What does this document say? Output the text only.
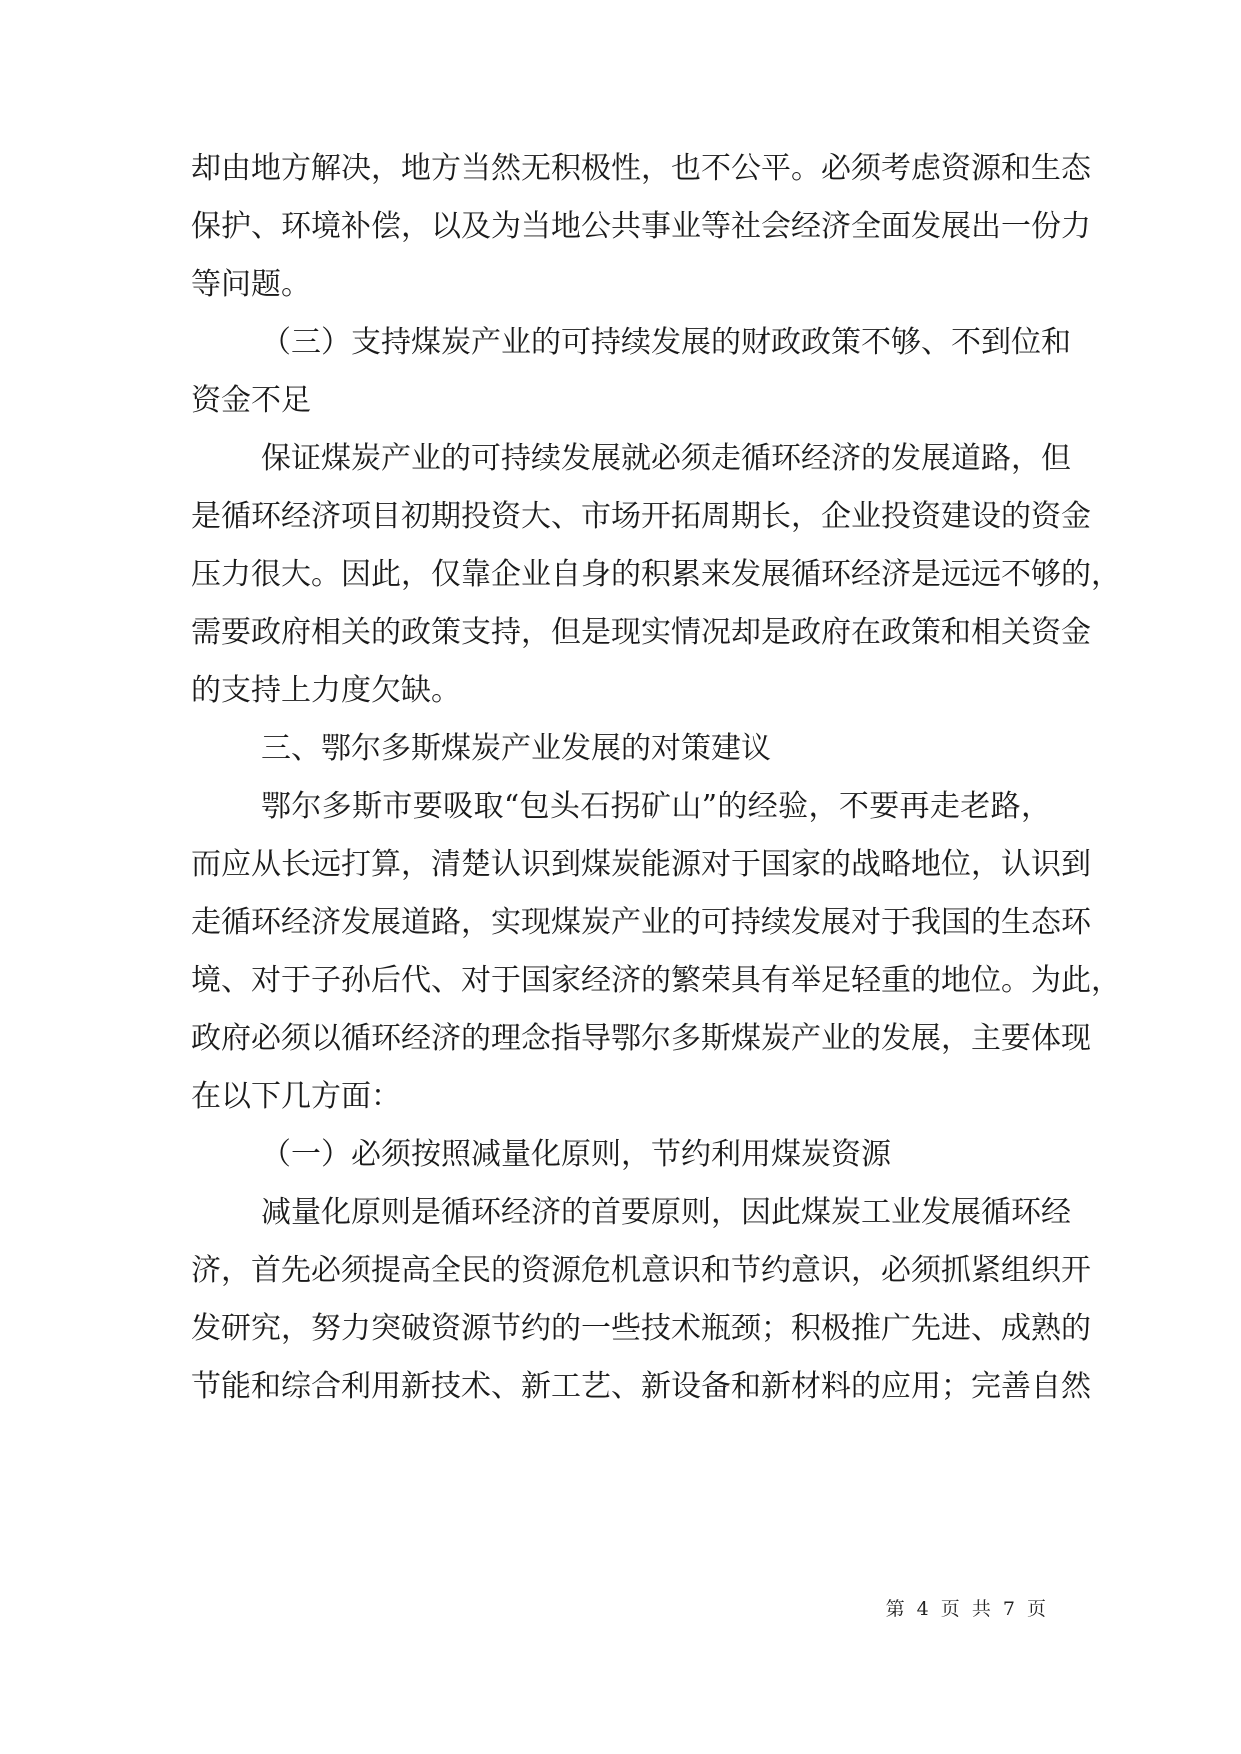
却由地方解决，地方当然无积极性，也不公平。必须考虑资源和生态
保护、环境补偿，以及为当地公共事业等社会经济全面发展出一份力
等问题。
（三）支持煤炭产业的可持续发展的财政政策不够、不到位和
资金不足
保证煤炭产业的可持续发展就必须走循环经济的发展道路，但
是循环经济项目初期投资大、市场开拓周期长，企业投资建设的资金
压力很大。因此，仅靠企业自身的积累来发展循环经济是远远不够的，
需要政府相关的政策支持，但是现实情况却是政府在政策和相关资金
的支持上力度欠缺。
三、鄂尔多斯煤炭产业发展的对策建议
鄂尔多斯市要吸取“包头石拐矿山”的经验，不要再走老路，
而应从长远打算，清楚认识到煤炭能源对于国家的战略地位，认识到
走循环经济发展道路，实现煤炭产业的可持续发展对于我国的生态环
境、对于子孙后代、对于国家经济的繁荣具有举足轻重的地位。为此，
政府必须以循环经济的理念指导鄂尔多斯煤炭产业的发展，主要体现
在以下几方面：
（一）必须按照减量化原则，节约利用煤炭资源
减量化原则是循环经济的首要原则，因此煤炭工业发展循环经
济，首先必须提高全民的资源危机意识和节约意识，必须抓紧组织开
发研究，努力突破资源节约的一些技术瓶颈；积极推广先进、成熟的
节能和综合利用新技术、新工艺、新设备和新材料的应用；完善自然
第 4 页 共 7 页
